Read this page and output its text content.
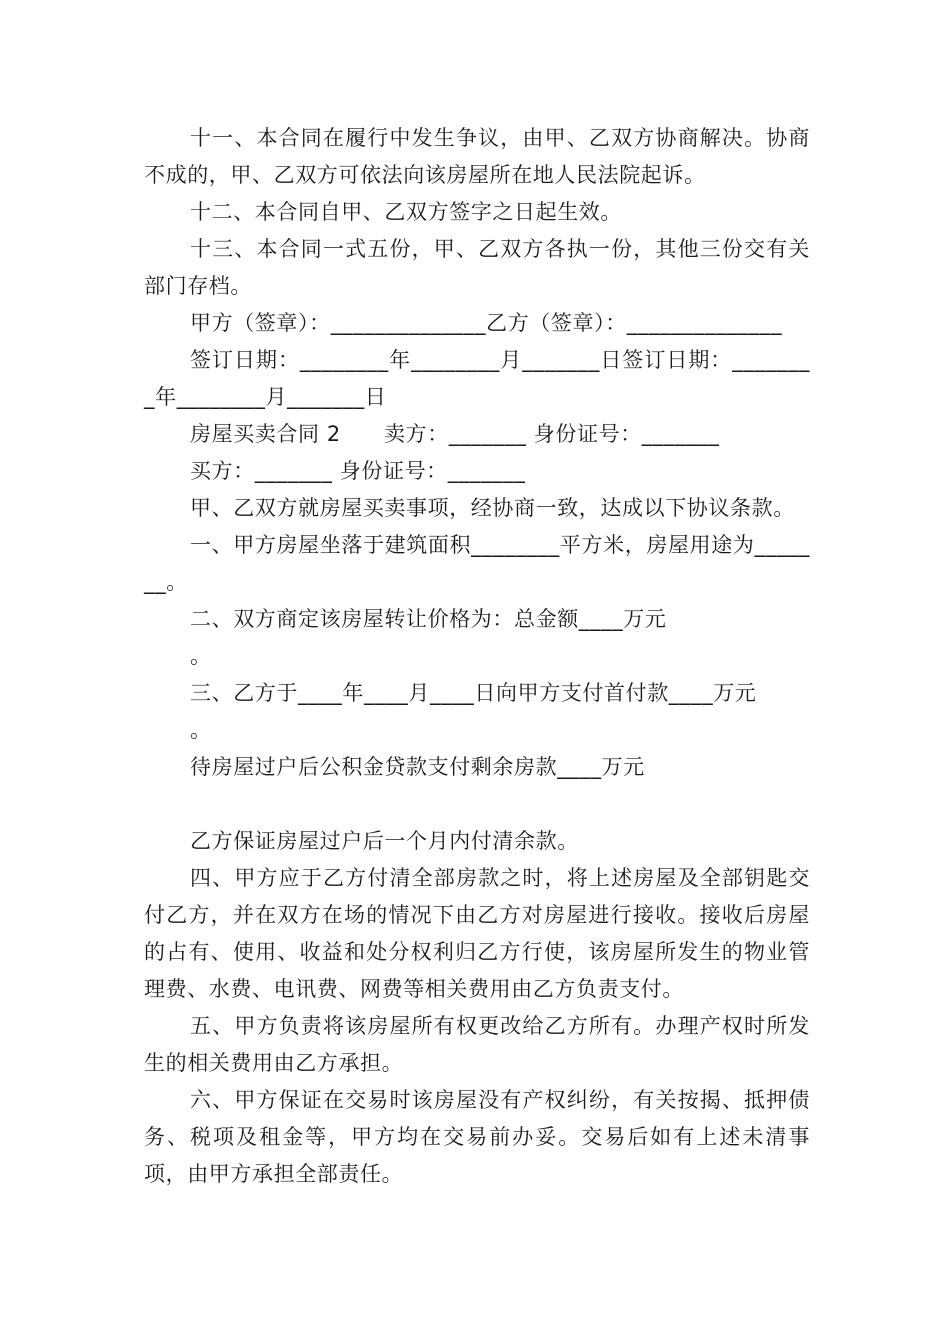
十一、本合同在履行中发生争议，由甲、乙双方协商解决。协商不成的，甲、乙双方可依法向该房屋所在地人民法院起诉。

十二、本合同自甲、乙双方签字之日起生效。

十三、本合同一式五份，甲、乙双方各执一份，其他三份交有关部门存档。

甲方（签章）：______________乙方（签章）：______________

签订日期：________年________月_______日签订日期：________年________月_______日

房屋买卖合同 2　　卖方：_______ 身份证号：_______

买方：_______ 身份证号：_______

甲、乙双方就房屋买卖事项，经协商一致，达成以下协议条款。

一、甲方房屋坐落于建筑面积________平方米，房屋用途为_______。

二、双方商定该房屋转让价格为：总金额____万元

。

三、乙方于____年____月____日向甲方支付首付款____万元

。

待房屋过户后公积金贷款支付剩余房款____万元

乙方保证房屋过户后一个月内付清余款。

四、甲方应于乙方付清全部房款之时，将上述房屋及全部钥匙交付乙方，并在双方在场的情况下由乙方对房屋进行接收。接收后房屋的占有、使用、收益和处分权利归乙方行使，该房屋所发生的物业管理费、水费、电讯费、网费等相关费用由乙方负责支付。

五、甲方负责将该房屋所有权更改给乙方所有。办理产权时所发生的相关费用由乙方承担。

六、甲方保证在交易时该房屋没有产权纠纷，有关按揭、抵押债务、税项及租金等，甲方均在交易前办妥。交易后如有上述未清事项，由甲方承担全部责任。
